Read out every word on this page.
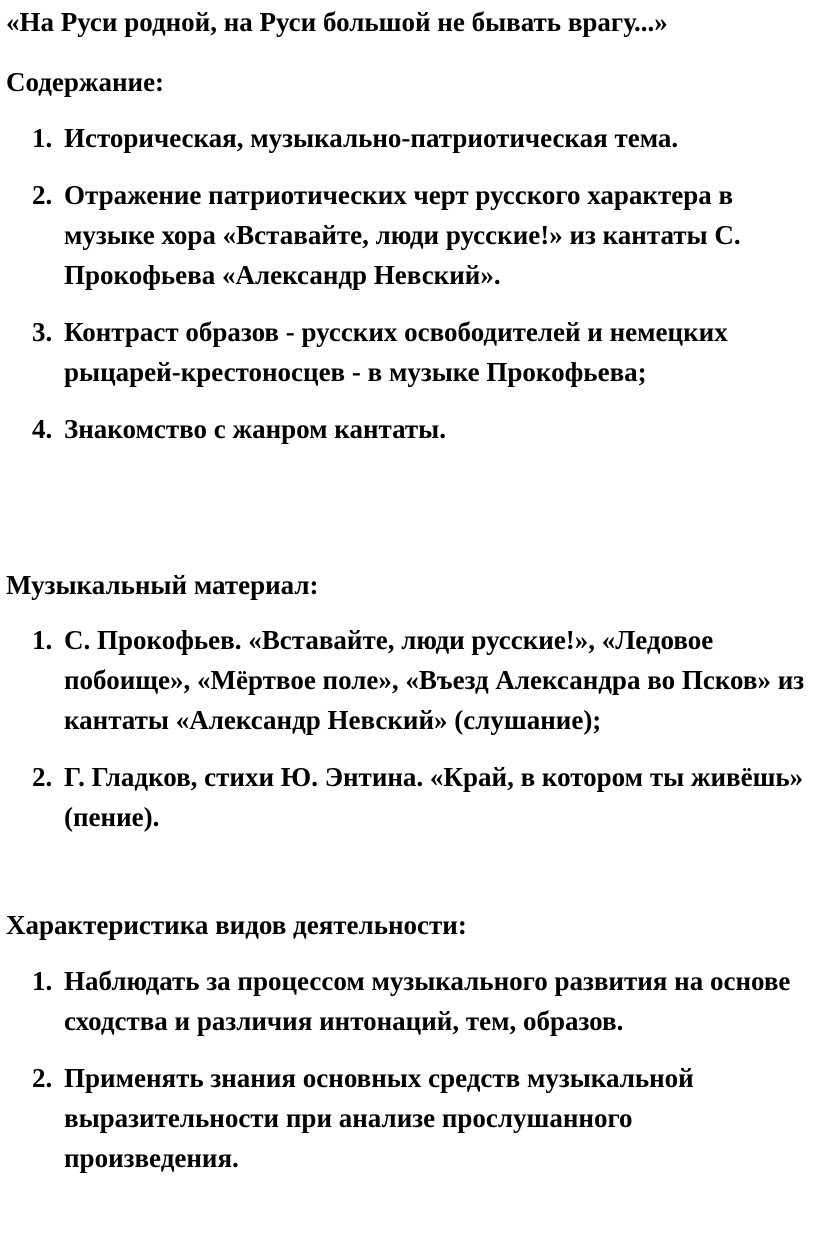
«На Руси родной, на Руси большой не бывать врагу...»
Содержание:
1. Историческая, музыкально-патриотическая тема.
2. Отражение патриотических черт русского характера в музыке хора «Вставайте, люди русские!» из кантаты С. Прокофьева «Александр Невский».
3. Контраст образов - русских освободителей и немецких рыцарей-крестоносцев - в музыке Прокофьева;
4. Знакомство с жанром кантаты.
Музыкальный материал:
1. С. Прокофьев. «Вставайте, люди русские!», «Ледовое побоище», «Мёртвое поле», «Въезд Александра во Псков» из кантаты «Александр Невский» (слушание);
2. Г. Гладков, стихи Ю. Энтина. «Край, в котором ты живёшь» (пение).
Характеристика видов деятельности:
1. Наблюдать за процессом музыкального развития на основе сходства и различия интонаций, тем, образов.
2. Применять знания основных средств музыкальной выразительности при анализе прослушанного произведения.
